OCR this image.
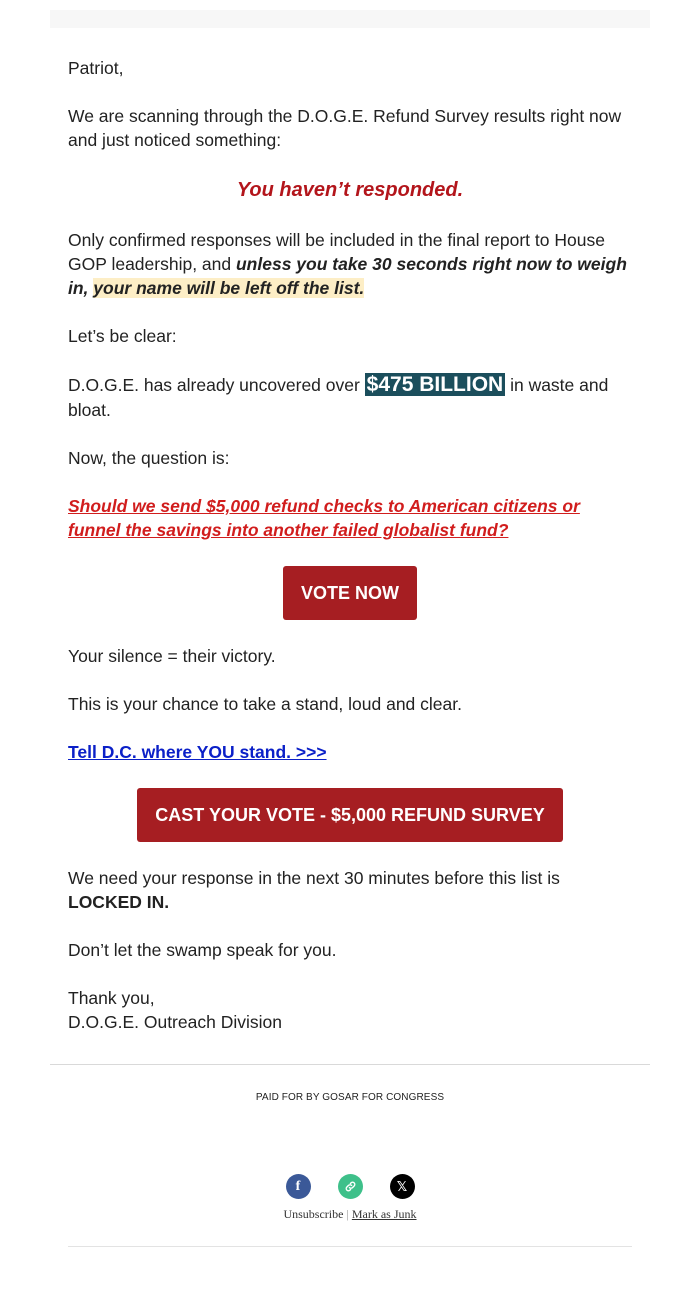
Patriot,

We are scanning through the D.O.G.E. Refund Survey results right now and just noticed something:

You haven’t responded.

Only confirmed responses will be included in the final report to House GOP leadership, and unless you take 30 seconds right now to weigh in, your name will be left off the list.

Let’s be clear:

D.O.G.E. has already uncovered over $475 BILLION in waste and bloat.

Now, the question is:

Should we send $5,000 refund checks to American citizens or funnel the savings into another failed globalist fund?

VOTE NOW

Your silence = their victory.

This is your chance to take a stand, loud and clear.

Tell D.C. where YOU stand. >>>

CAST YOUR VOTE - $5,000 REFUND SURVEY

We need your response in the next 30 minutes before this list is LOCKED IN.

Don’t let the swamp speak for you.

Thank you,
D.O.G.E. Outreach Division

PAID FOR BY GOSAR FOR CONGRESS
f	𝕏
Unsubscribe | Mark as Junk
